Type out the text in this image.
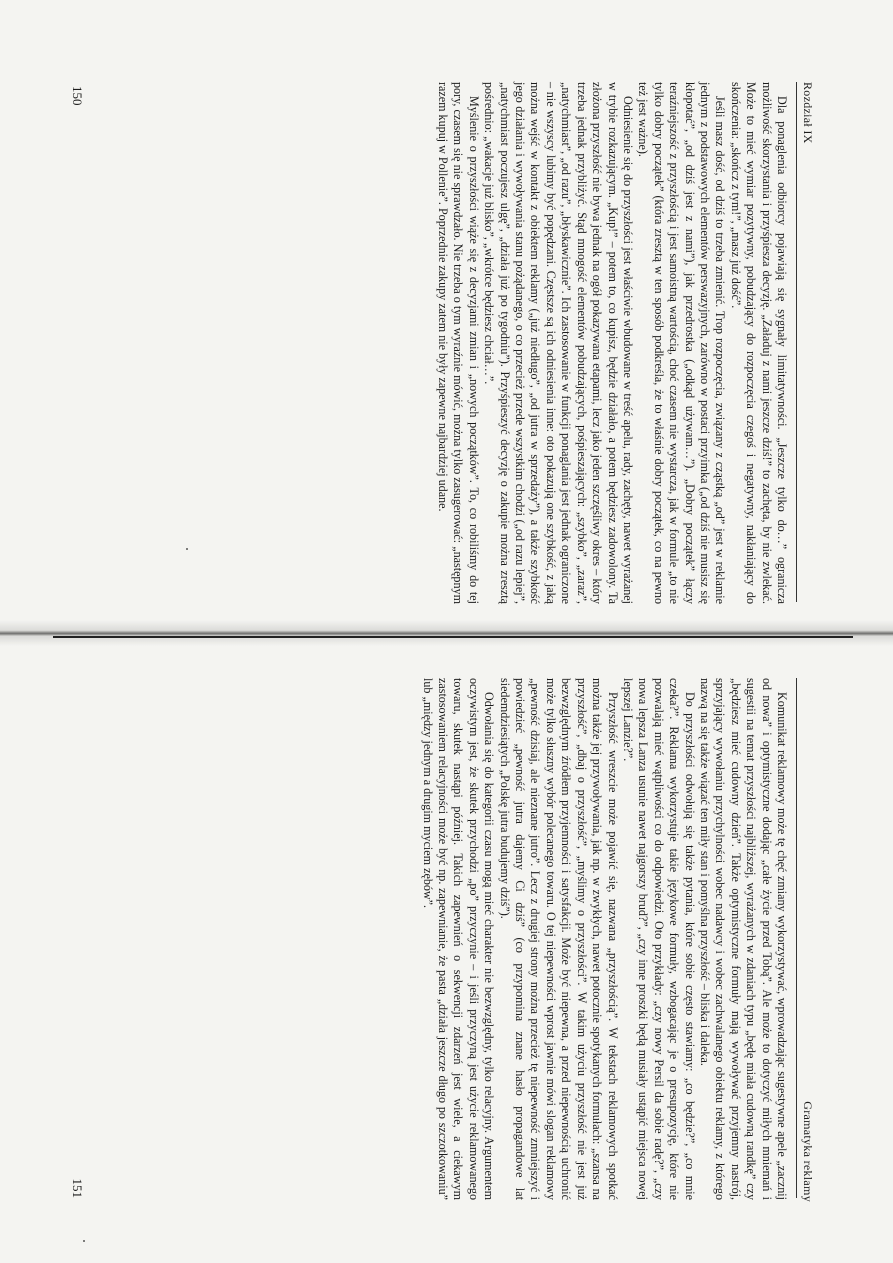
Rozdział IX

Dla ponaglenia odbiorcy pojawiają się sygnały limitatywności. „Jeszcze tylko do…” ogranicza możliwość skorzystania i przyśpiesza decyzję. „Załaduj z nami jeszcze dziś!” to zachęta, by nie zwlekać. Może to mieć wymiar pozytywny, pobudzający do rozpoczęcia czegoś i negatywny, nakłaniający do skończenia: „skończ z tym!”, „masz już dość”.

Jeśli masz dość, od dziś to trzeba zmienić. Trop rozpoczęcia, związany z cząstką „od” jest w reklamie jednym z podstawowych elementów perswazyjnych, zarówno w postaci przyimka („od dziś nie musisz się kłopotać”, „od dziś jest z nami”), jak przedrostka („odkąd używam…”). „Dobry początek” łączy teraźniejszość z przyszłością i jest samoistną wartością, choć czasem nie wystarcza, jak w formule „to nie tylko dobry początek” (która zresztą w ten sposób podkreśla, że to właśnie dobry początek, co na pewno też jest ważne).

Odniesienie się do przyszłości jest właściwie wbudowane w treść apelu, rady, zachęty, nawet wyrażanej w trybie rozkazującym. „Kup!” – potem to, co kupisz, będzie działało, a potem będziesz zadowolony. Ta złożona przyszłość nie bywa jednak na ogół pokazywana etapami, lecz jako jeden szczęśliwy okres – który trzeba jednak przybliżyć. Stąd mnogość elementów pobudzających, pośpieszających: „szybko”, „zaraz”, „natychmiast”, „od razu”, „błyskawicznie”. Ich zastosowanie w funkcji ponaglania jest jednak ograniczone – nie wszyscy lubimy być popędzani. Częstsze są ich odniesienia inne: oto pokazują one szybkość, z jaką można wejść w kontakt z obiektem reklamy („już niedługo”, „od jutra w sprzedaży”), a także szybkość jego działania i wywoływania stanu pożądanego, o co przecież przede wszystkim chodzi („od razu lepiej”, „natychmiast poczujesz ulgę”, „działa już po tygodniu”). Przyśpieszyć decyzję o zakupie można zresztą pośrednio: „wakacje już blisko”, „wkrótce będziesz chciał…”.

Myślenie o przyszłości wiąże się z decyzjami zmian i „nowych początków”. To, co robiliśmy do tej pory, czasem się nie sprawdzało. Nie trzeba o tym wyraźnie mówić, można tylko zasugerować: „następnym razem kupuj w Pollenie”. Poprzednie zakupy zatem nie były zapewne najbardziej udane.

150
Gramatyka reklamy

Komunikat reklamowy może tę chęć zmiany wykorzystywać, wprowadzając sugestywne apele „zacznij od nowa” i optymistyczne dodając „całe życie przed Tobą”. Ale może to dotyczyć miłych mniemań i sugestii na temat przyszłości najbliższej, wyrażanych w zdaniach typu „będę miała cudowną randkę” czy „będziesz mieć cudowny dzień”. Także optymistyczne formuły mają wywoływać przyjemny nastrój, sprzyjający wywołaniu przychylności wobec nadawcy i wobec zachwalanego obiektu reklamy, z którego nazwą na się także wiązać ten miły stan i pomyślna przyszłość – bliska i daleka.

Do przyszłości odwołują się także pytania, które sobie często stawiamy: „co będzie?”, „co mnie czeka?”. Reklama wykorzystuje takie językowe formuły, wzbogacając je o presupozycję, które nie pozwalają mieć wątpliwości co do odpowiedzi. Oto przykłady: „czy nowy Persil da sobie radę?”, „czy nowa lepsza Lanza usunie nawet najgorszy brud?”, „czy inne proszki będą musiały ustąpić miejsca nowej lepszej Lanzie?”.

Przyszłość wreszcie może pojawić się, nazwana „przyszłością”. W tekstach reklamowych spotkać można także jej przywoływania, jak np. w zwykłych, nawet potocznie spotykanych formułach: „szansa na przyszłość”, „dbaj o przyszłość”, „myślimy o przyszłości”. W takim użyciu przyszłość nie jest już bezwzględnym źródłem przyjemności i satysfakcji. Może być niepewna, a przed niepewnością uchronić może tylko słuszny wybór polecanego towaru. O tej niepewności wprost jawnie mówi slogan reklamowy „pewność dzisiaj, ale nieznane jutro”. Lecz z drugiej strony można przecież tę niepewność zmniejszyć i powiedzieć „pewność jutra dajemy Ci dziś” (co przypomina znane hasło propagandowe lat siedemdziesiątych „Polskę jutra budujemy dziś”).

Odwołania się do kategorii czasu mogą mieć charakter nie bezwzględny, tylko relacyjny. Argumentem oczywistym jest, że skutek przychodzi „po” przyczynie – i jeśli przyczyną jest użycie reklamowanego towaru, skutek nastąpi później. Takich zapewnień o sekwencji zdarzeń jest wiele, a ciekawym zastosowaniem relacyjności może być np. zapewnianie, że pasta „działa jeszcze długo po szczotkowaniu” lub „między jednym a drugim myciem zębów”.

151
